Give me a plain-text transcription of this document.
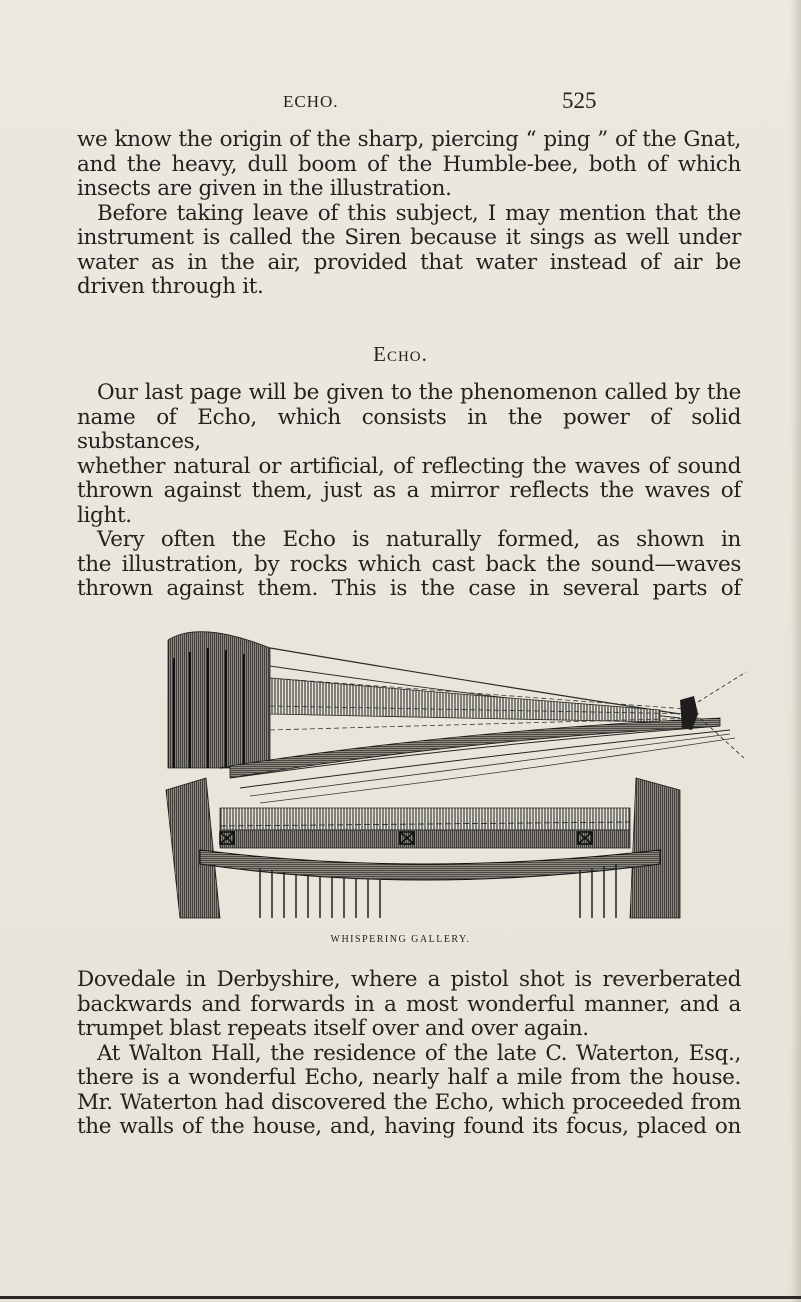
ECHO.	525

we know the origin of the sharp, piercing “ ping ” of the Gnat,

and the heavy, dull boom of the Humble-bee, both of which

insects are given in the illustration.

Before taking leave of this subject, I may mention that the

instrument is called the Siren because it sings as well under

water as in the air, provided that water instead of air be

driven through it.

Echo.

Our last page will be given to the phenomenon called by the

name of Echo, which consists in the power of solid substances,

whether natural or artificial, of reflecting the waves of sound

thrown against them, just as a mirror reflects the waves of

light.

Very often the Echo is naturally formed, as shown in

the illustration, by rocks which cast back the sound—waves

thrown against them. This is the case in several parts of

WHISPERING GALLERY.

Dovedale in Derbyshire, where a pistol shot is reverberated

backwards and forwards in a most wonderful manner, and a

trumpet blast repeats itself over and over again.

At Walton Hall, the residence of the late C. Waterton, Esq.,

there is a wonderful Echo, nearly half a mile from the house.

Mr. Waterton had discovered the Echo, which proceeded from

the walls of the house, and, having found its focus, placed on
